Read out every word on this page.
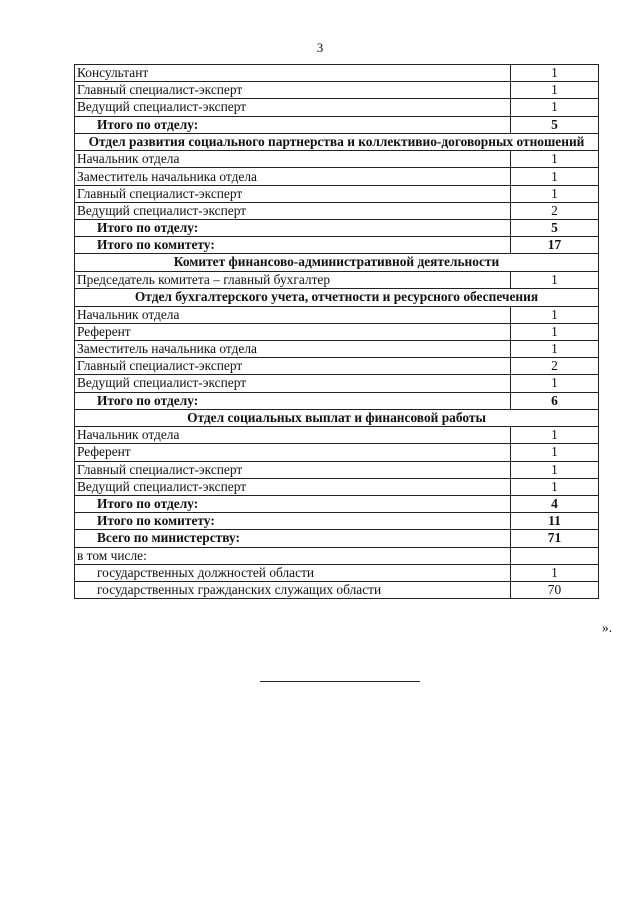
3
Консультант	1
Главный специалист-эксперт	1
Ведущий специалист-эксперт	1
Итого по отделу:	5
Отдел развития социального партнерства и коллективио-договорных отношений	
Начальник отдела	1
Заместитель начальника отдела	1
Главный специалист-эксперт	1
Ведущий специалист-эксперт	2
Итого по отделу:	5
Итого по комитету:	17
Комитет финансово-административной деятельности	
Председатель комитета – главный бухгалтер	1
Отдел бухгалтерского учета, отчетности и ресурсного обеспечения	
Начальник отдела	1
Референт	1
Заместитель начальника отдела	1
Главный специалист-эксперт	2
Ведущий специалист-эксперт	1
Итого по отделу:	6
Отдел социальных выплат и финансовой работы	
Начальник отдела	1
Референт	1
Главный специалист-эксперт	1
Ведущий специалист-эксперт	1
Итого по отделу:	4
Итого по комитету:	11
Всего по министерству:	71
в том числе:	
государственных должностей области	1
государственных гражданских служащих области	70
».
